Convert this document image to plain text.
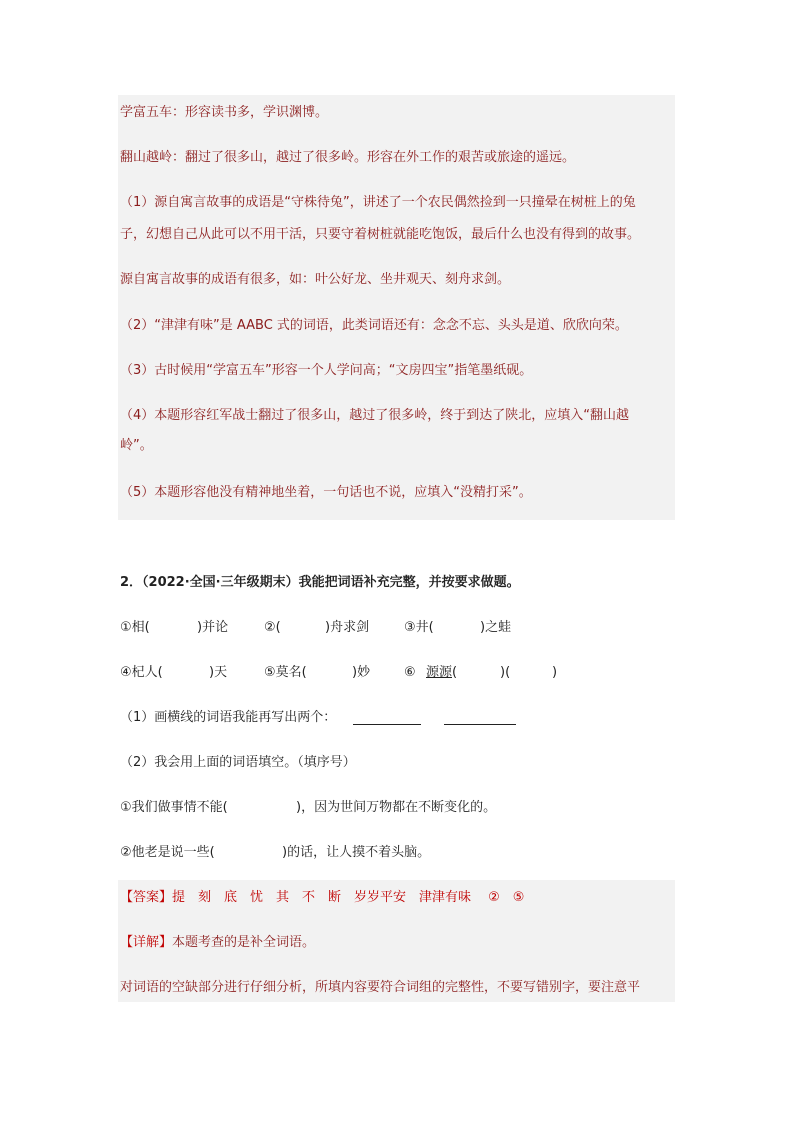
学富五车：形容读书多，学识渊博。
翻山越岭：翻过了很多山，越过了很多岭。形容在外工作的艰苦或旅途的遥远。
（1）源自寓言故事的成语是“守株待兔”，讲述了一个农民偶然捡到一只撞晕在树桩上的兔
子，幻想自己从此可以不用干活，只要守着树桩就能吃饱饭，最后什么也没有得到的故事。
源自寓言故事的成语有很多，如：叶公好龙、坐井观天、刻舟求剑。
（2）“津津有味”是 AABC 式的词语，此类词语还有：念念不忘、头头是道、欣欣向荣。
（3）古时候用“学富五车”形容一个人学问高；“文房四宝”指笔墨纸砚。
（4）本题形容红军战士翻过了很多山，越过了很多岭，终于到达了陕北，应填入“翻山越
岭”。
（5）本题形容他没有精神地坐着，一句话也不说，应填入“没精打采”。
2．（2022·全国·三年级期末）我能把词语补充完整，并按要求做题。
①相(	)并论	②(	)舟求剑	③井(	)之蛙
④杞人(	)天	⑤莫名(	)妙	⑥ 源源 (	)(	)
（1）画横线的词语我能再写出两个：
（2）我会用上面的词语填空。（填序号）
①我们做事情不能(	)，因为世间万物都在不断变化的。
②他老是说一些(	)的话，让人摸不着头脑。
【答案】提　刻　底　忧　其　不　断　岁岁平安　津津有味　 ②　⑤
【详解】本题考查的是补全词语。
对词语的空缺部分进行仔细分析，所填内容要符合词组的完整性，不要写错别字，要注意平
